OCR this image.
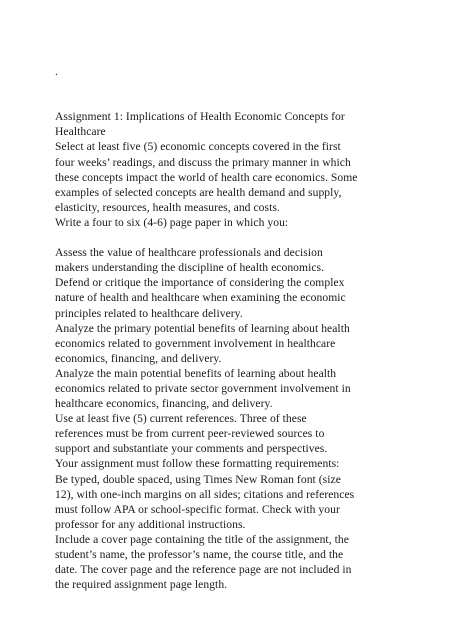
.
Assignment 1: Implications of Health Economic Concepts for
Healthcare
Select at least five (5) economic concepts covered in the first
four weeks’ readings, and discuss the primary manner in which
these concepts impact the world of health care economics. Some
examples of selected concepts are health demand and supply,
elasticity, resources, health measures, and costs.
Write a four to six (4-6) page paper in which you:
Assess the value of healthcare professionals and decision
makers understanding the discipline of health economics.
Defend or critique the importance of considering the complex
nature of health and healthcare when examining the economic
principles related to healthcare delivery.
Analyze the primary potential benefits of learning about health
economics related to government involvement in healthcare
economics, financing, and delivery.
Analyze the main potential benefits of learning about health
economics related to private sector government involvement in
healthcare economics, financing, and delivery.
Use at least five (5) current references. Three of these
references must be from current peer-reviewed sources to
support and substantiate your comments and perspectives.
Your assignment must follow these formatting requirements:
Be typed, double spaced, using Times New Roman font (size
12), with one-inch margins on all sides; citations and references
must follow APA or school-specific format. Check with your
professor for any additional instructions.
Include a cover page containing the title of the assignment, the
student’s name, the professor’s name, the course title, and the
date. The cover page and the reference page are not included in
the required assignment page length.
